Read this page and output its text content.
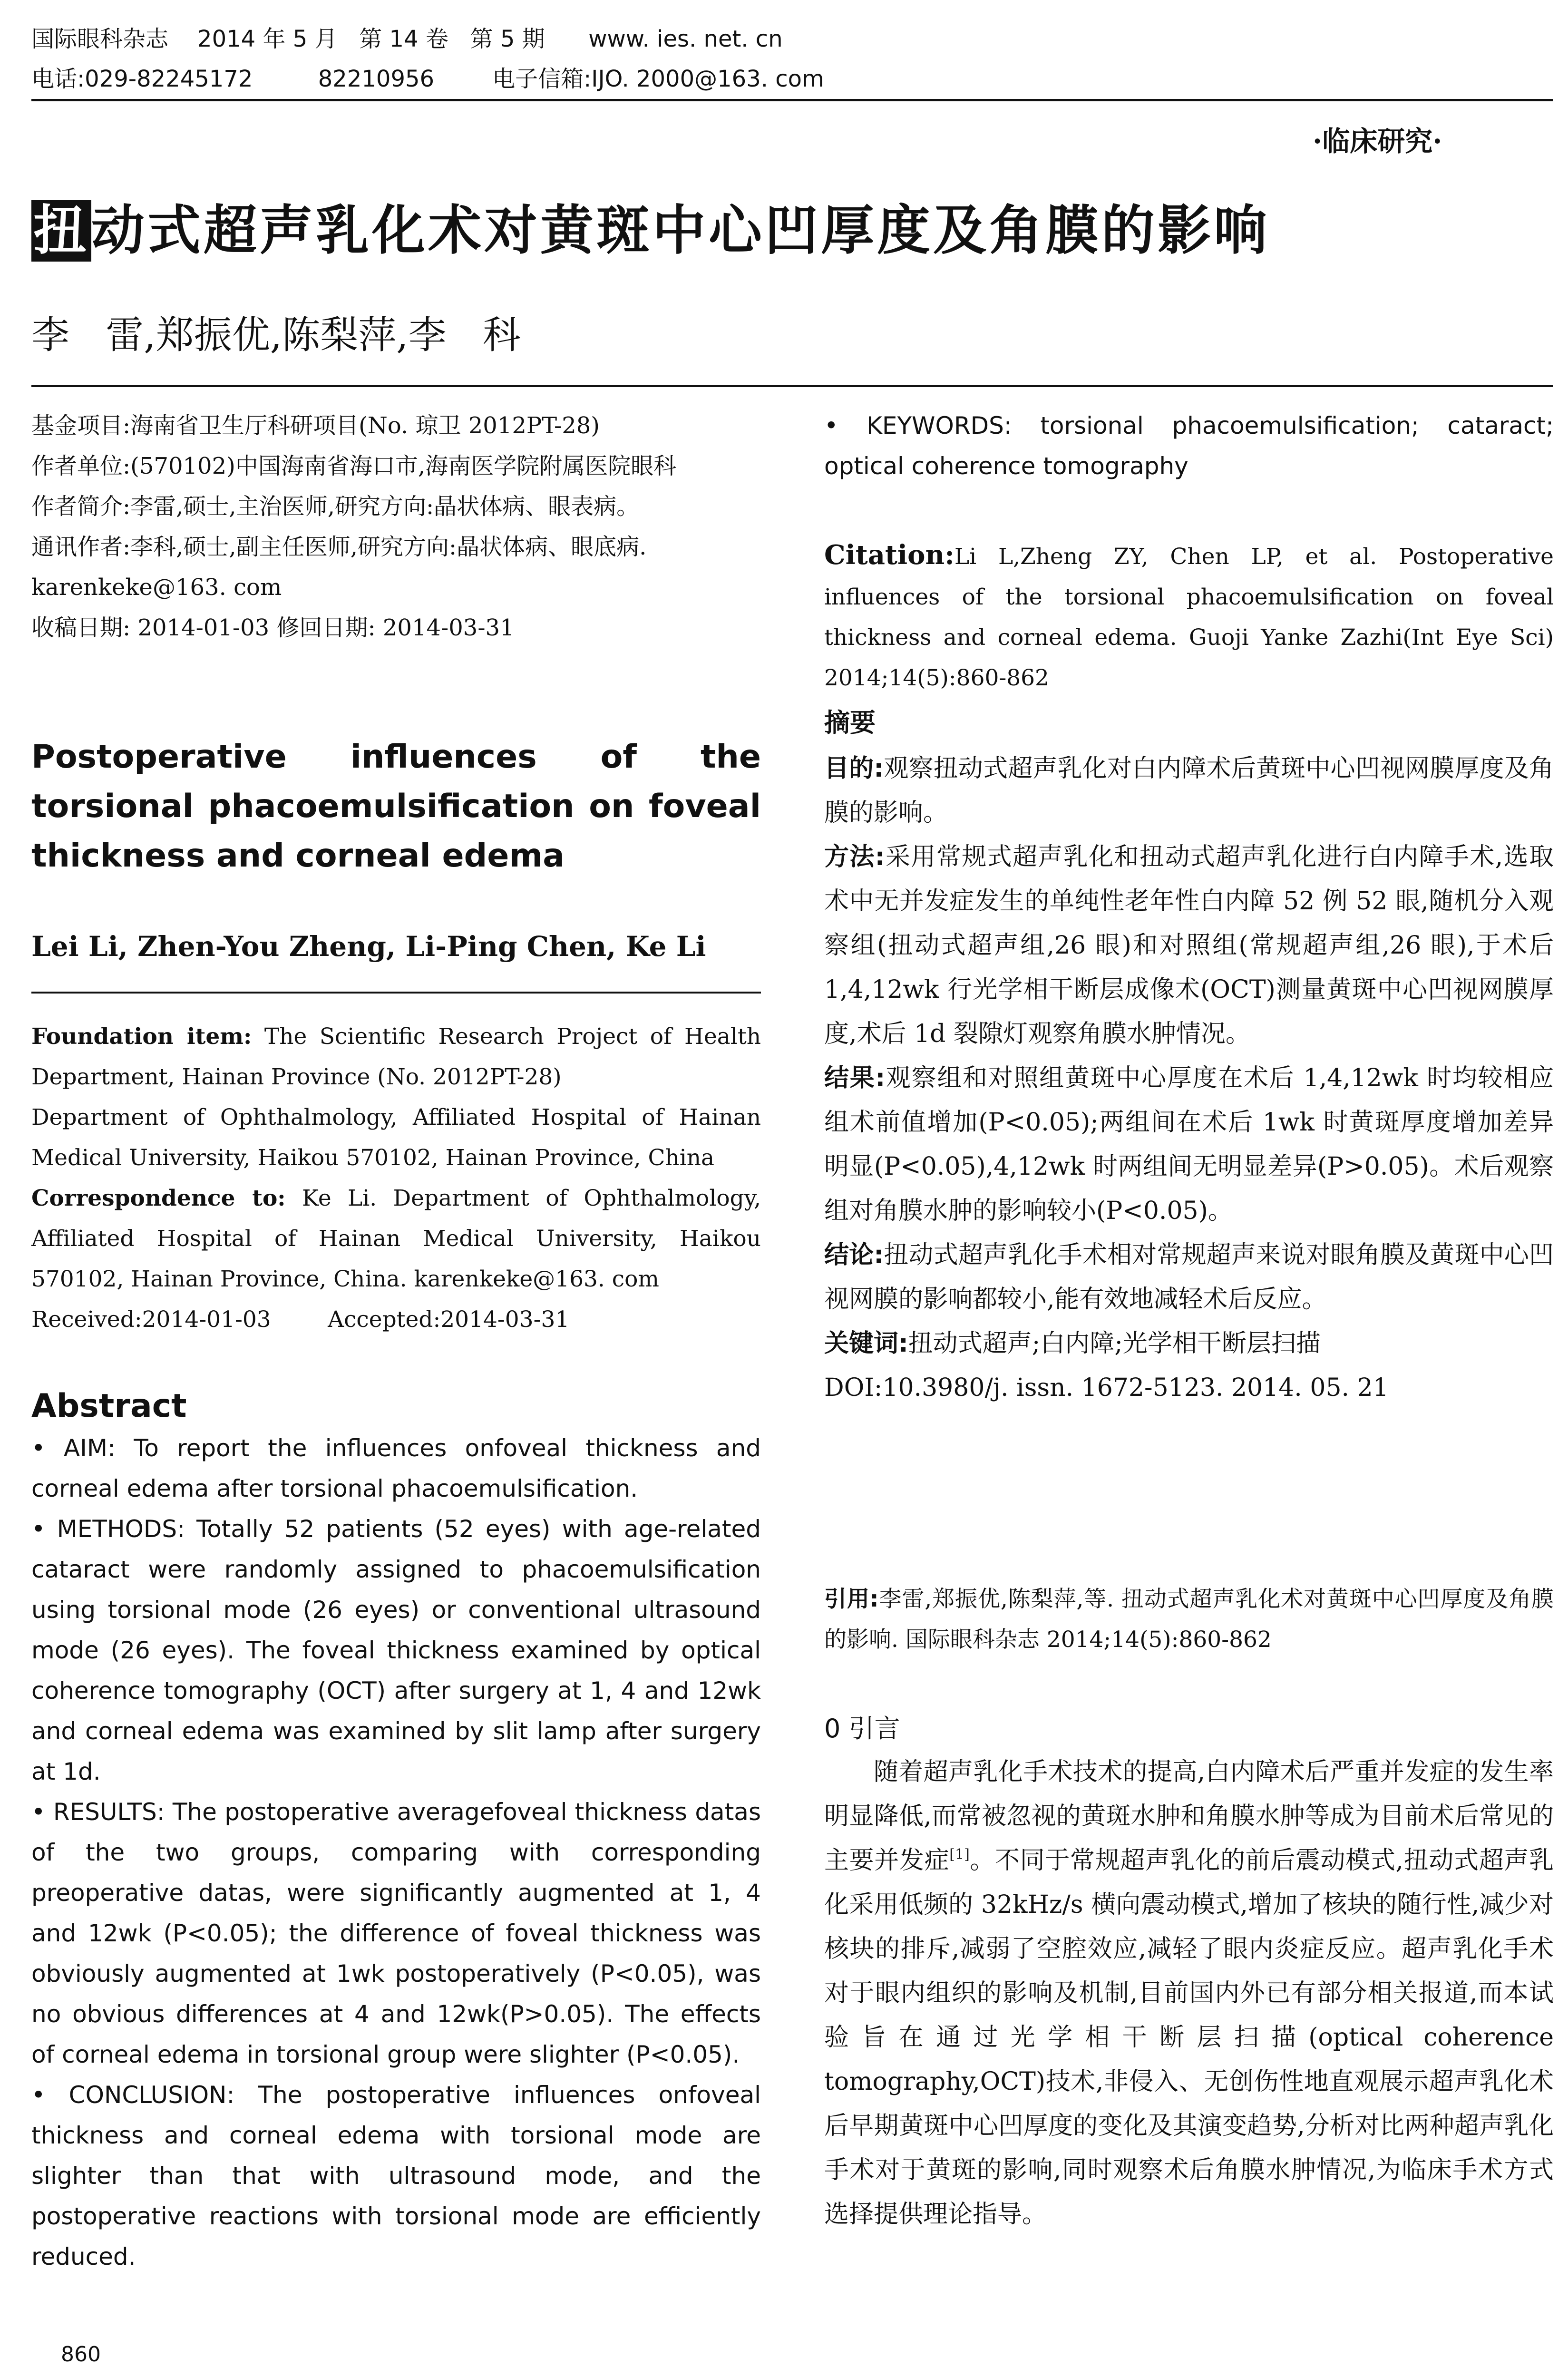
国际眼科杂志    2014 年 5 月   第 14 卷   第 5 期      www. ies. net. cn
电话:029-82245172         82210956        电子信箱:IJO. 2000@163. com
·临床研究·
扭动式超声乳化术对黄斑中心凹厚度及角膜的影响
李   雷,郑振优,陈梨萍,李   科

基金项目:海南省卫生厅科研项目(No. 琼卫 2012PT-28)

作者单位:(570102)中国海南省海口市,海南医学院附属医院眼科

作者简介:李雷,硕士,主治医师,研究方向:晶状体病、眼表病。

通讯作者:李科,硕士,副主任医师,研究方向:晶状体病、眼底病. karenkeke@163. com

收稿日期: 2014-01-03 修回日期: 2014-03-31

Postoperative influences of the torsional phacoemulsification on foveal thickness and corneal edema
Lei Li, Zhen-You Zheng, Li-Ping Chen, Ke Li

Foundation item: The Scientific Research Project of Health Department, Hainan Province (No. 2012PT-28)

Department of Ophthalmology, Affiliated Hospital of Hainan Medical University, Haikou 570102, Hainan Province, China

Correspondence to: Ke Li. Department of Ophthalmology, Affiliated Hospital of Hainan Medical University, Haikou 570102, Hainan Province, China. karenkeke@163. com

Received:2014-01-03        Accepted:2014-03-31

Abstract

• AIM: To report the influences onfoveal thickness and corneal edema after torsional phacoemulsification.

• METHODS: Totally 52 patients (52 eyes) with age-related cataract were randomly assigned to phacoemulsification using torsional mode (26 eyes) or conventional ultrasound mode (26 eyes). The foveal thickness examined by optical coherence tomography (OCT) after surgery at 1, 4 and 12wk and corneal edema was examined by slit lamp after surgery at 1d.

• RESULTS: The postoperative averagefoveal thickness datas of the two groups, comparing with corresponding preoperative datas, were significantly augmented at 1, 4 and 12wk (P<0.05); the difference of foveal thickness was obviously augmented at 1wk postoperatively (P<0.05), was no obvious differences at 4 and 12wk(P>0.05). The effects of corneal edema in torsional group were slighter (P<0.05).

• CONCLUSION: The postoperative influences onfoveal thickness and corneal edema with torsional mode are slighter than that with ultrasound mode, and the postoperative reactions with torsional mode are efficiently reduced.

860
• KEYWORDS: torsional phacoemulsification; cataract; optical coherence tomography

Citation:Li L,Zheng ZY, Chen LP, et al. Postoperative influences of the torsional phacoemulsification on foveal thickness and corneal edema. Guoji Yanke Zazhi(Int Eye Sci) 2014;14(5):860-862

摘要

目的:观察扭动式超声乳化对白内障术后黄斑中心凹视网膜厚度及角膜的影响。

方法:采用常规式超声乳化和扭动式超声乳化进行白内障手术,选取术中无并发症发生的单纯性老年性白内障 52 例 52 眼,随机分入观察组(扭动式超声组,26 眼)和对照组(常规超声组,26 眼),于术后 1,4,12wk 行光学相干断层成像术(OCT)测量黄斑中心凹视网膜厚度,术后 1d 裂隙灯观察角膜水肿情况。

结果:观察组和对照组黄斑中心厚度在术后 1,4,12wk 时均较相应组术前值增加(P<0.05);两组间在术后 1wk 时黄斑厚度增加差异明显(P<0.05),4,12wk 时两组间无明显差异(P>0.05)。术后观察组对角膜水肿的影响较小(P<0.05)。

结论:扭动式超声乳化手术相对常规超声来说对眼角膜及黄斑中心凹视网膜的影响都较小,能有效地减轻术后反应。

关键词:扭动式超声;白内障;光学相干断层扫描

DOI:10.3980/j. issn. 1672-5123. 2014. 05. 21

引用:李雷,郑振优,陈梨萍,等. 扭动式超声乳化术对黄斑中心凹厚度及角膜的影响. 国际眼科杂志 2014;14(5):860-862

0 引言

随着超声乳化手术技术的提高,白内障术后严重并发症的发生率明显降低,而常被忽视的黄斑水肿和角膜水肿等成为目前术后常见的主要并发症[1]。不同于常规超声乳化的前后震动模式,扭动式超声乳化采用低频的 32kHz/s 横向震动模式,增加了核块的随行性,减少对核块的排斥,减弱了空腔效应,减轻了眼内炎症反应。超声乳化手术对于眼内组织的影响及机制,目前国内外已有部分相关报道,而本试验旨在通过光学相干断层扫描(optical coherence tomography,OCT)技术,非侵入、无创伤性地直观展示超声乳化术后早期黄斑中心凹厚度的变化及其演变趋势,分析对比两种超声乳化手术对于黄斑的影响,同时观察术后角膜水肿情况,为临床手术方式选择提供理论指导。
